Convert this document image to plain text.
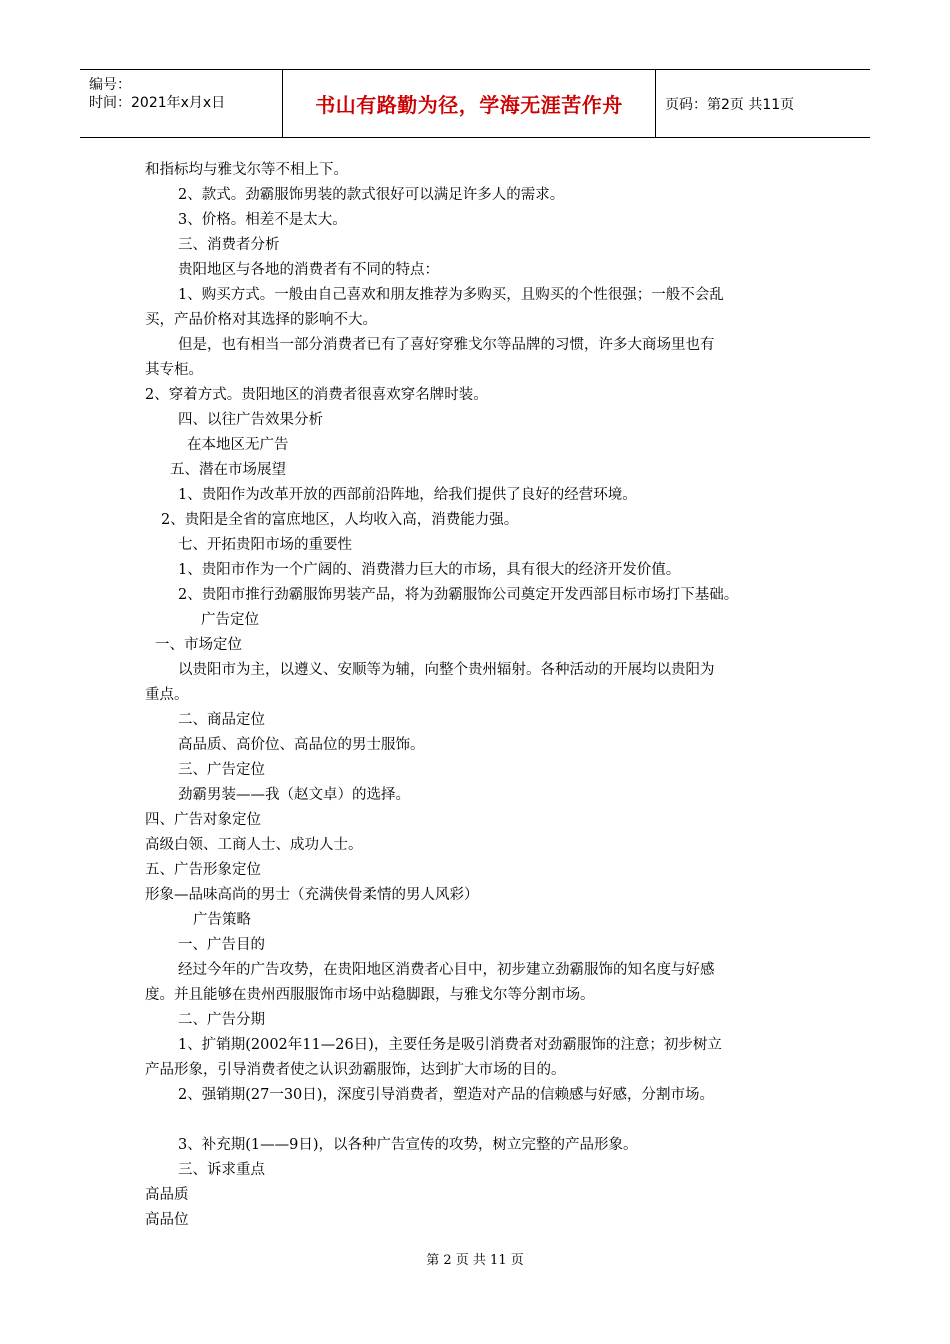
编号：
时间：2021年x月x日	书山有路勤为径，学海无涯苦作舟	页码：第2页 共11页
和指标均与雅戈尔等不相上下。
2、款式。劲霸服饰男装的款式很好可以满足许多人的需求。
3、价格。相差不是太大。
三、消费者分析
贵阳地区与各地的消费者有不同的特点：
1、购买方式。一般由自己喜欢和朋友推荐为多购买，且购买的个性很强；一般不会乱
买，产品价格对其选择的影响不大。
但是，也有相当一部分消费者已有了喜好穿雅戈尔等品牌的习惯，许多大商场里也有
其专柜。
2、穿着方式。贵阳地区的消费者很喜欢穿名牌时装。
四、以往广告效果分析
在本地区无广告
五、潜在市场展望
1、贵阳作为改革开放的西部前沿阵地，给我们提供了良好的经营环境。
2、贵阳是全省的富庶地区，人均收入高，消费能力强。
七、开拓贵阳市场的重要性
1、贵阳市作为一个广阔的、消费潜力巨大的市场，具有很大的经济开发价值。
2、贵阳市推行劲霸服饰男装产品，将为劲霸服饰公司奠定开发西部目标市场打下基础。
广告定位
一、市场定位
以贵阳市为主，以遵义、安顺等为辅，向整个贵州辐射。各种活动的开展均以贵阳为
重点。
二、商品定位
高品质、高价位、高品位的男士服饰。
三、广告定位
劲霸男装——我（赵文卓）的选择。
四、广告对象定位
高级白领、工商人士、成功人士。
五、广告形象定位
形象—品味高尚的男士（充满侠骨柔情的男人风彩）
广告策略
一、广告目的
经过今年的广告攻势，在贵阳地区消费者心目中，初步建立劲霸服饰的知名度与好感
度。并且能够在贵州西服服饰市场中站稳脚跟，与雅戈尔等分割市场。
二、广告分期
1、扩销期(2002年11—26日)，主要任务是吸引消费者对劲霸服饰的注意；初步树立
产品形象，引导消费者使之认识劲霸服饰，达到扩大市场的目的。
2、强销期(27一30日)，深度引导消费者，塑造对产品的信赖感与好感，分割市场。
3、补充期(1——9日)，以各种广告宣传的攻势，树立完整的产品形象。
三、诉求重点
高品质
高品位
第 2 页 共 11 页
